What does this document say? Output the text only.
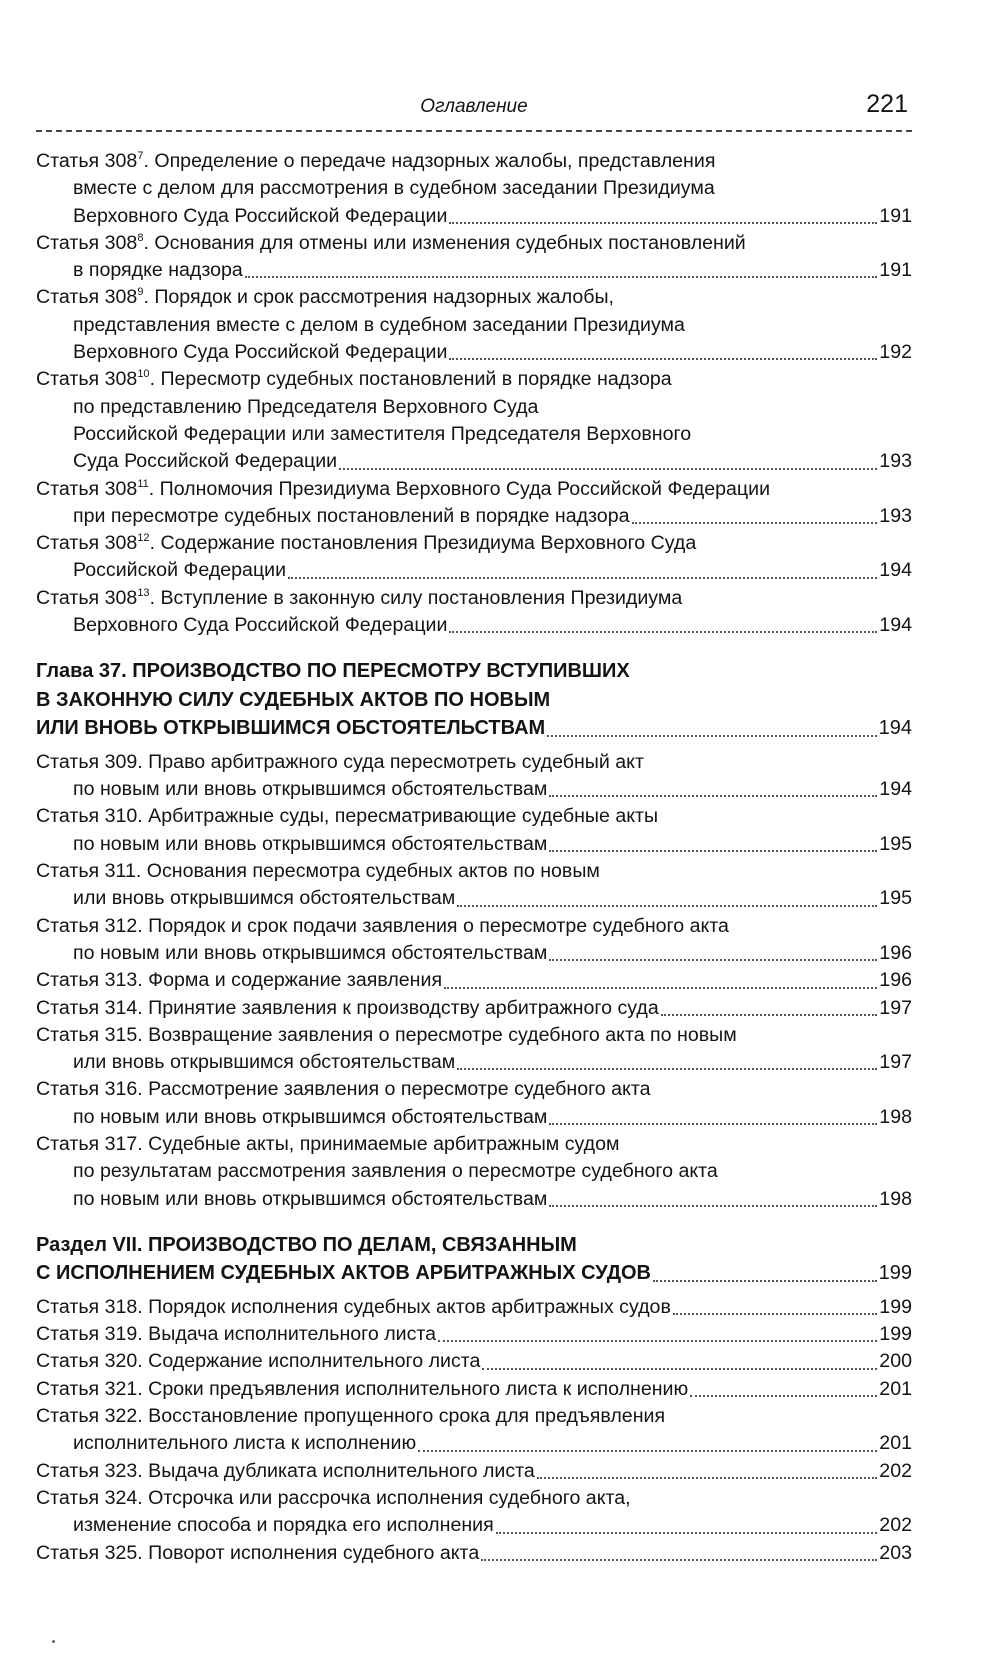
Оглавление	221
Статья $308^7$. Определение о передаче надзорных жалобы, представления
вместе с делом для рассмотрения в судебном заседании Президиума
Верховного Суда Российской Федерации	191
Статья $308^8$. Основания для отмены или изменения судебных постановлений
в порядке надзора	191
Статья $308^9$. Порядок и срок рассмотрения надзорных жалобы,
представления вместе с делом в судебном заседании Президиума
Верховного Суда Российской Федерации	192
Статья $308^{10}$. Пересмотр судебных постановлений в порядке надзора
по представлению Председателя Верховного Суда
Российской Федерации или заместителя Председателя Верховного
Суда Российской Федерации	193
Статья $308^{11}$. Полномочия Президиума Верховного Суда Российской Федерации
при пересмотре судебных постановлений в порядке надзора	193
Статья $308^{12}$. Содержание постановления Президиума Верховного Суда
Российской Федерации	194
Статья $308^{13}$. Вступление в законную силу постановления Президиума
Верховного Суда Российской Федерации	194
Глава 37. ПРОИЗВОДСТВО ПО ПЕРЕСМОТРУ ВСТУПИВШИХ
В ЗАКОННУЮ СИЛУ СУДЕБНЫХ АКТОВ ПО НОВЫМ
ИЛИ ВНОВЬ ОТКРЫВШИМСЯ ОБСТОЯТЕЛЬСТВАМ	194
Статья 309. Право арбитражного суда пересмотреть судебный акт
по новым или вновь открывшимся обстоятельствам	194
Статья 310. Арбитражные суды, пересматривающие судебные акты
по новым или вновь открывшимся обстоятельствам	195
Статья 311. Основания пересмотра судебных актов по новым
или вновь открывшимся обстоятельствам	195
Статья 312. Порядок и срок подачи заявления о пересмотре судебного акта
по новым или вновь открывшимся обстоятельствам	196
Статья 313. Форма и содержание заявления	196
Статья 314. Принятие заявления к производству арбитражного суда	197
Статья 315. Возвращение заявления о пересмотре судебного акта по новым
или вновь открывшимся обстоятельствам	197
Статья 316. Рассмотрение заявления о пересмотре судебного акта
по новым или вновь открывшимся обстоятельствам	198
Статья 317. Судебные акты, принимаемые арбитражным судом
по результатам рассмотрения заявления о пересмотре судебного акта
по новым или вновь открывшимся обстоятельствам	198
Раздел VII. ПРОИЗВОДСТВО ПО ДЕЛАМ, СВЯЗАННЫМ
С ИСПОЛНЕНИЕМ СУДЕБНЫХ АКТОВ АРБИТРАЖНЫХ СУДОВ	199
Статья 318. Порядок исполнения судебных актов арбитражных судов	199
Статья 319. Выдача исполнительного листа	199
Статья 320. Содержание исполнительного листа	200
Статья 321. Сроки предъявления исполнительного листа к исполнению	201
Статья 322. Восстановление пропущенного срока для предъявления
исполнительного листа к исполнению	201
Статья 323. Выдача дубликата исполнительного листа	202
Статья 324. Отсрочка или рассрочка исполнения судебного акта,
изменение способа и порядка его исполнения	202
Статья 325. Поворот исполнения судебного акта	203
